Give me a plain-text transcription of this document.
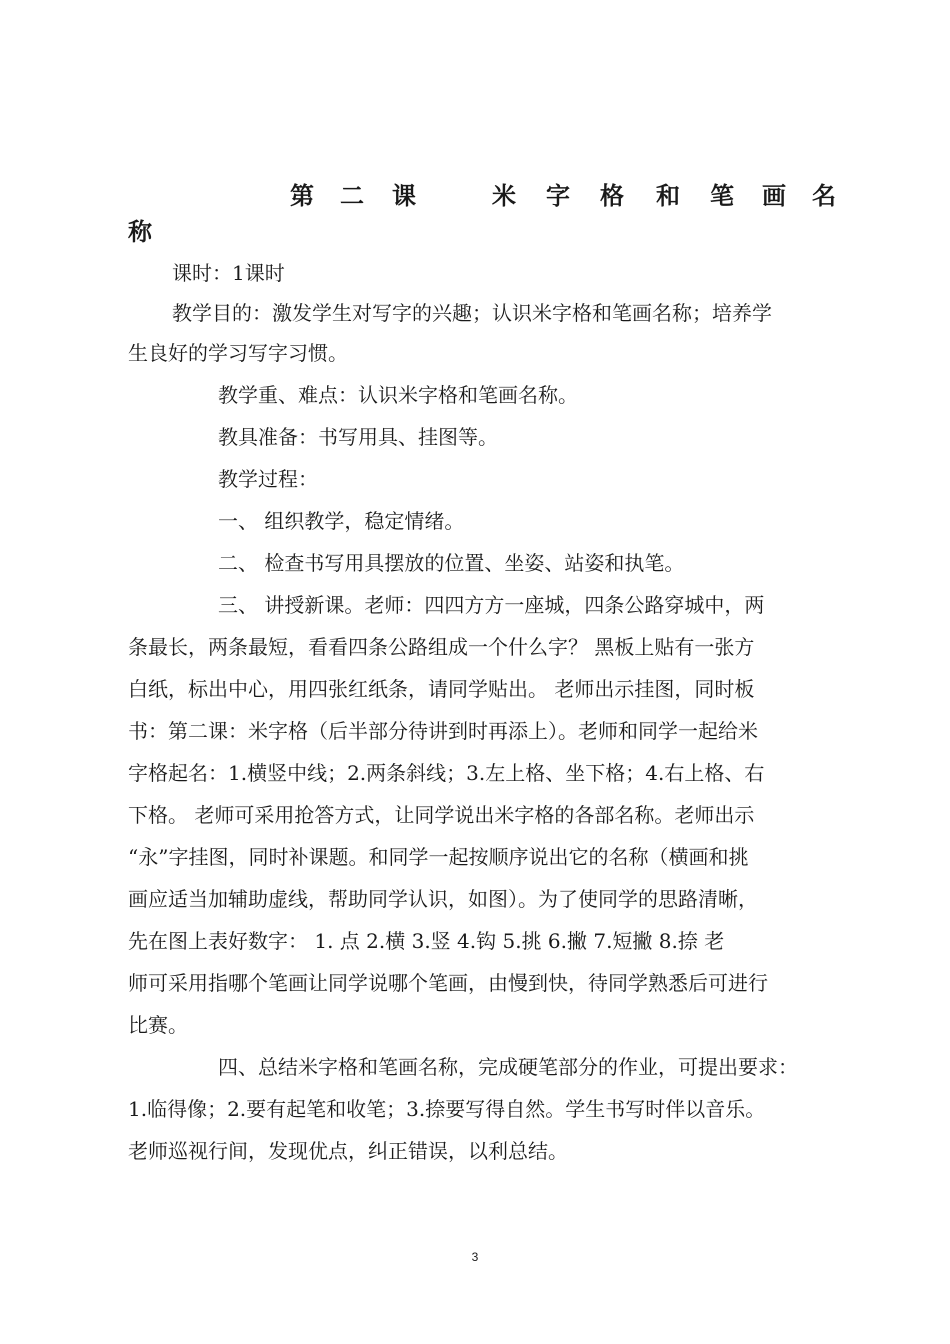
第 二 课	米 字 格 和 笔 画 名
称
课时：1课时
教学目的：激发学生对写字的兴趣；认识米字格和笔画名称；培养学
生良好的学习写字习惯。
教学重、难点：认识米字格和笔画名称。
教具准备：书写用具、挂图等。
教学过程：
一、 组织教学，稳定情绪。
二、 检查书写用具摆放的位置、坐姿、站姿和执笔。
三、 讲授新课。老师：四四方方一座城，四条公路穿城中，两
条最长，两条最短，看看四条公路组成一个什么字？ 黑板上贴有一张方
白纸，标出中心，用四张红纸条，请同学贴出。 老师出示挂图，同时板
书：第二课：米字格（后半部分待讲到时再添上）。老师和同学一起给米
字格起名：1.横竖中线；2.两条斜线；3.左上格、坐下格；4.右上格、右
下格。 老师可采用抢答方式，让同学说出米字格的各部名称。老师出示
“永”字挂图，同时补课题。和同学一起按顺序说出它的名称（横画和挑
画应适当加辅助虚线，帮助同学认识，如图）。为了使同学的思路清晰，
先在图上表好数字： 1. 点 2.横 3.竖 4.钩 5.挑 6.撇 7.短撇 8.捺 老
师可采用指哪个笔画让同学说哪个笔画，由慢到快，待同学熟悉后可进行
比赛。
四、总结米字格和笔画名称，完成硬笔部分的作业，可提出要求：
1.临得像；2.要有起笔和收笔；3.捺要写得自然。学生书写时伴以音乐。
老师巡视行间，发现优点，纠正错误，以利总结。
3
